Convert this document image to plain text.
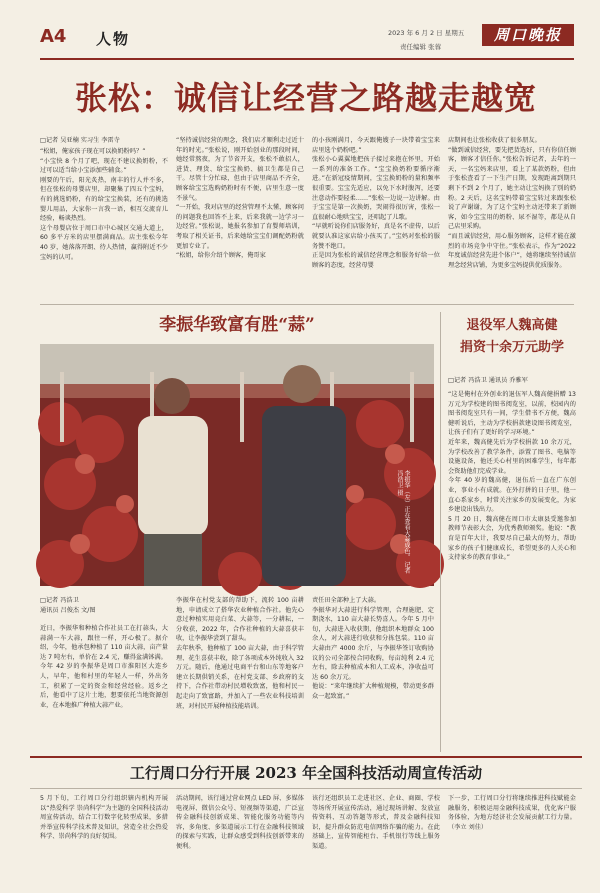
A4 人物	2023 年 6 月 2 日 星期五
责任编辑 张蓉
周口晚报
张松：诚信让经营之路越走越宽
□记者 吴亚楠 实习生 李雷寺
“松姐，俺家孩子现在可以换奶粉吗？”
“小宝快 8 个月了吧，现在不建议换奶粉，不过可以适当给小宝添加些辅食。”
刚要的午后，阳光炙热，南丰的行人并不多，但在张松的母婴店里，却聚集了四五个宝妈，有的挑选奶粉，有的给宝宝换装，还有的挑选婴儿用品，大家你一言我一语，相互交流育儿经验，畅谈热烈。
这个母婴店位于周口市中心城区交通大道上，60 多平方米的店里摆满商品。店主张松今年 40 岁，她落落开朗、待人热情，赢得附近不少宝妈的认可。
“坚持诚信经营的理念，我们店才顺利走过近十年的时光。”张松说，刚开始创业的那段时间，她经常熬夜，为了节省开支，张松不敢招人，进货、理货、给宝宝换奶、搞卫生都是自己干。尽管十分忙碌，但由于店里商品不齐全，顾客给宝宝选购奶粉时有不便，店里生意一度不景气。
“一开始，我对店里的经营管理不太懂，顾客问的问题我也回答不上来，后来我就一边学习一边经营。”张松说，她报名参加了育婴师培训，考取了相关证书，后来她给宝宝们调配奶粉就更加专业了。
“松姐，给你介绍个顾客，俺哥家
的小孩刚满月，今天跟俺嫂子一块带着宝宝来店里选个奶粉吧。”
张松小心翼翼地把孩子接过来抱在怀里，开始一系列的准备工作。“宝宝换奶粉要循序渐进。”在新冠疫情期间，宝宝换奶粉的量和频率很重要。宝宝先适应，以免下水时腹泻，还要注意动作要轻柔……”张松一边说一边讲解。由于宝宝是第一次换奶，哭闹得很厉害，张松一直很耐心地哄宝宝，还唱起了儿歌。
“早就听说你们店服务好，真是名不虚传，以后就要认准这家店给小孩买了。”宝妈对张松的服务赞不绝口。
正是因为张松的诚信经营理念和服务好给一位顾客的态度，经营母婴
店期间也让张松收获了很多朋友。
“做到诚信经营，要先把货选好，只有你信任顾客，顾客才信任你。”张松告诉记者，去年的一天，一名宝妈来店里，看上了某款奶粉，但由于张松查看了一下生产日期，发现距离到期只剩下不到 2 个月了，她主动让宝妈换了别的奶粉。2 天后，这名宝妈带着宝宝转过来跟张松说了声谢谢，为了这个宝妈主动还带来了新顾客，如今宝宝用的奶粉、尿不湿等，都是从自己店里采购。
“而且诚信经营，用心服务顾客，这样才能在激烈的市场竞争中守住。”张松表示，作为“2022 年度诚信经营先进个体户”，她将继续坚持诚信理念经营店铺，为更多宝妈提供优质服务。
李振华致富有胜“蒜”
李振华（左）正在查看大蒜成色。 记者 冯浩卫 摄
□记者 冯浩卫
通讯员 吕俊杰 文/图
近日，李振华和种植合作社员工在打蒜头，大蒜满一车大蒜，跟往一样，开心极了。据介绍，今年，他承包种植了 110 亩大蒜，亩产量达 7 吨左右，单价在 2.4 元，赚得盆满钵满。
今年 42 岁的李振华是周口市淮阳区大连乡人，早年，他和村里的年轻人一样，外出务工，积累了一定的资金和经营经验。返乡之后，他看中了这片土地，想要依托当地资源创业，在本地推广种植大蒜产业。
李振华在村党支部的帮助下，流转 100 亩耕地，申请成立了搭华农业种植合作社。他先心意过种植实用竞白菜、大蒜等，一分耕耘，一分收获，2022 年，合作社种植的大蒜喜获丰收，让李振华尝到了甜头。
去年秋季，他种植了 100 亩大蒜，由于科学管理、花生喜获丰收，除了各项成本外纯收入 32 万元。随后，他通过电商平台和山东等地客户建立长期供销关系，在村党支部、乡政府的支持下，合作社带动村民增收致富，他和村民一起走向了致富路，并加入了一些农业科技培训班，对村民开展种植技能培训。
责任田全部种上了大蒜。
李振华对大蒜进行科学管理，合理施肥、定期浇水，110 亩大蒜长势喜人。今年 5 月中旬，大蒜进入收获期，他组织本地群众 100 余人，对大蒜进行收获和分拣包装。110 亩大蒜由产 4000 余斤，与李振华签订收购协议的公司全部按合同收购，每亩纯利 2.4 元左右，除去种植成本和人工成本，净收益可达 60 余万元。
他说：“来年继续扩大种植规模，带动更多群众一起致富。”
退役军人魏高健
捐资十余万元助学
□记者 冯浩卫 通讯员 乔雅军
“这是俺村在外创业的退伍军人魏高健捐赠 13 万元为学校建的图书阅览室，以前，校园内的图书阅览室只有一间，学生借书不方便，魏高健听说后，主动为学校捐款建设图书阅览室，让孩子们有了更好的学习环境。”
近年来，魏高健先后为学校捐款 10 余万元，为学校改善了教学条件，添置了图书、电脑等设施设备，他还关心村里的困难学生，每年都会资助他们完成学业。
今年 40 岁的魏高健，退伍后一直在广东创业，事业小有成就。在外打拼的日子里，他一直心系家乡，时常关注家乡的发展变化，为家乡建设出钱出力。
5 月 20 日，魏高健在周口市太康县受邀参加教师节表彰大会，为优秀教师颁奖。他说：“教育是百年大计，我要尽自己最大的努力，帮助家乡的孩子们健康成长，希望更多的人关心和支持家乡的教育事业。”
工行周口分行开展 2023 年全国科技活动周宣传活动
5 月下旬，工行周口分行组织辖内机构开展以“热爱科学 崇尚科学”为主题的全国科技活动周宣传活动，结合工行数字化转型成果，多措并举宣传科学技术普及知识，营造全社会热爱科学、崇尚科学的良好氛围。
活动期间，该行通过营业网点 LED 屏、多媒体电视屏、微信公众号、短视频等渠道，广泛宣传金融科技创新成果、智能化服务功能等内容，多角度、多渠道展示工行在金融科技领域的探索与实践，让群众感受到科技创新带来的便利。
该行还组织员工走进社区、企业、商圈、学校等场所开展宣传活动，通过现场讲解、发放宣传资料、互动答题等形式，普及金融科技知识，提升群众防范电信网络诈骗的能力。在此基础上，宣传智能柜台、手机银行等线上服务渠道。
下一步，工行周口分行将继续推进科技赋能金融服务，积极运用金融科技成果，优化客户服务体验，为地方经济社会发展贡献工行力量。（李立 刘佳）
